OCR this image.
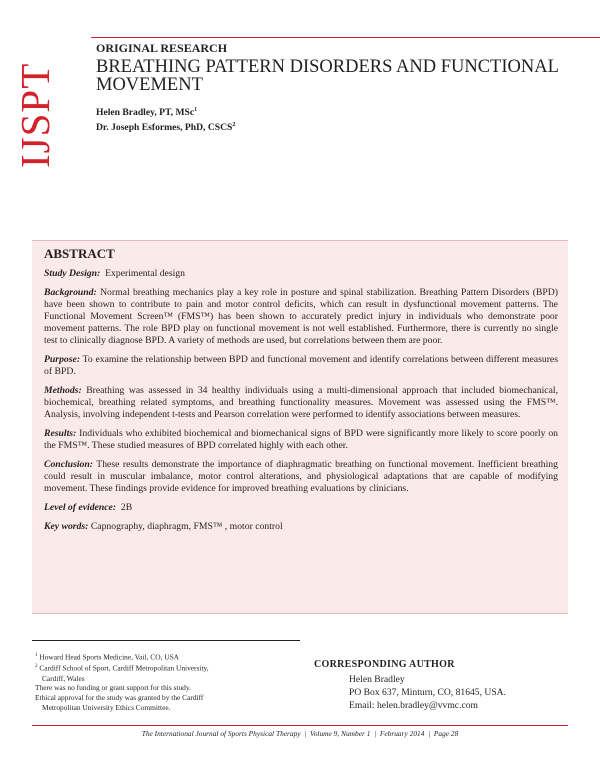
IJSPT
ORIGINAL RESEARCH
BREATHING PATTERN DISORDERS AND FUNCTIONAL MOVEMENT
Helen Bradley, PT, MSc$^1$
Dr. Joseph Esformes, PhD, CSCS$^2$
ABSTRACT

Study Design: Experimental design

Background: Normal breathing mechanics play a key role in posture and spinal stabilization. Breathing Pattern Disorders (BPD) have been shown to contribute to pain and motor control deficits, which can result in dysfunctional movement patterns. The Functional Movement Screen™ (FMS™) has been shown to accurately predict injury in individuals who demonstrate poor movement patterns. The role BPD play on functional movement is not well established. Furthermore, there is currently no single test to clinically diagnose BPD. A variety of methods are used, but correlations between them are poor.

Purpose: To examine the relationship between BPD and functional movement and identify correlations between different measures of BPD.

Methods: Breathing was assessed in 34 healthy individuals using a multi-dimensional approach that included biomechanical, biochemical, breathing related symptoms, and breathing functionality measures. Movement was assessed using the FMS™. Analysis, involving independent t-tests and Pearson correlation were performed to identify associations between measures.

Results: Individuals who exhibited biochemical and biomechanical signs of BPD were significantly more likely to score poorly on the FMS™. These studied measures of BPD correlated highly with each other.

Conclusion: These results demonstrate the importance of diaphragmatic breathing on functional movement. Inefficient breathing could result in muscular imbalance, motor control alterations, and physiological adaptations that are capable of modifying movement. These findings provide evidence for improved breathing evaluations by clinicians.

Level of evidence: 2B

Key words: Capnography, diaphragm, FMS™ , motor control

$^1$ Howard Head Sports Medicine, Vail, CO, USA
$^2$ Cardiff School of Sport, Cardiff Metropolitan University,
Cardiff, Wales
There was no funding or grant support for this study.
Ethical approval for the study was granted by the Cardiff
Metropolitan University Ethics Committee.
CORRESPONDING AUTHOR
Helen Bradley
PO Box 637, Minturn, CO, 81645, USA.
Email: helen.bradley@vvmc.com
The International Journal of Sports Physical Therapy | Volume 9, Number 1 | February 2014 | Page 28
